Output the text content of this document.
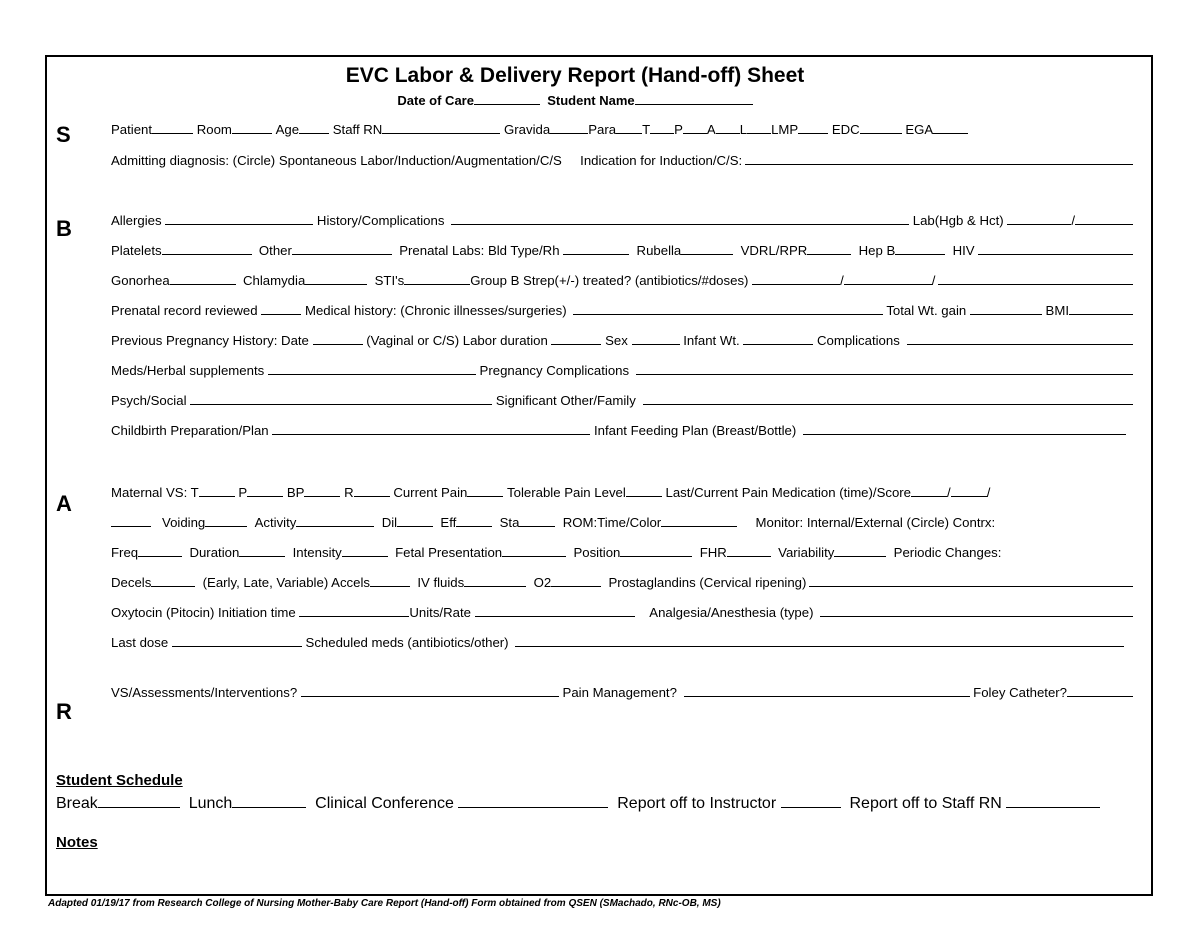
EVC Labor & Delivery Report (Hand-off) Sheet
Date of Care	Student Name
S	Patient
	Room
	Age
	Staff RN
	Gravida	Para T P A L LMP
	EDC
	EGA
Admitting diagnosis: (Circle) Spontaneous Labor/Induction/Augmentation/C/S
Indication for Induction/C/S:
B	Allergies

	History/Complications

	Lab(Hgb & Hct)
	/
Platelets
	Other
	Prenatal Labs: Bld Type/Rh

	Rubella
	VDRL/RPR
	Hep B
	HIV
Gonorhea
	Chlamydia
	STI's	Group B Strep(+/-) treated? (antibiotics/#doses)
	/	/
Prenatal record reviewed

	Medical history: (Chronic illnesses/surgeries)

	Total Wt. gain

	BMI
Previous Pregnancy History: Date

	(Vaginal or C/S) Labor duration

	Sex

	Infant Wt.

	Complications

Meds/Herbal supplements

	Pregnancy Complications

Psych/Social

	Significant Other/Family

Childbirth Preparation/Plan

	Infant Feeding Plan (Breast/Bottle)

A	Maternal VS: T
	P
	BP
	R
	Current Pain
	Tolerable Pain Level
	Last/Current Pain Medication (time)/Score	/	/

Voiding
	Activity
	Dil
	Eff
	Sta
	ROM:Time/Color
	Monitor: Internal/External (Circle) Contrx:
Freq
	Duration
	Intensity
	Fetal Presentation
	Position
	FHR
	Variability
	Periodic Changes:
Decels
	(Early, Late, Variable) Accels
	IV fluids
	O2
	Prostaglandins (Cervical ripening)
Oxytocin (Pitocin) Initiation time
	Units/Rate

	Analgesia/Anesthesia (type)

Last dose

	Scheduled meds (antibiotics/other)

R
VS/Assessments/Interventions?

	Pain Management?

	Foley Catheter?
Student Schedule
Break	Lunch	Clinical Conference	Report off to Instructor	Report off to Staff RN
Notes
Adapted 01/19/17 from Research College of Nursing Mother-Baby Care Report (Hand-off) Form obtained from QSEN (SMachado, RNc-OB, MS)
